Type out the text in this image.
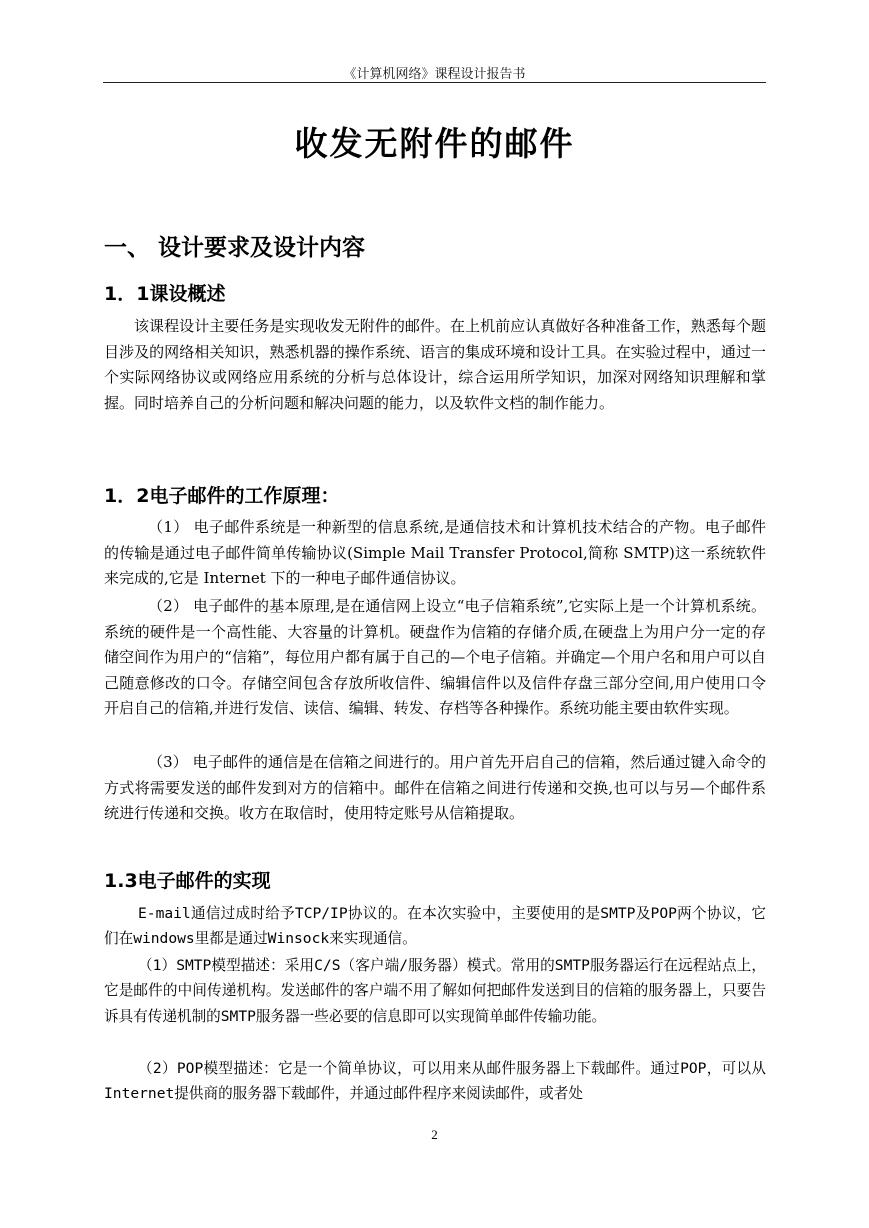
《计算机网络》课程设计报告书
收发无附件的邮件
一、 设计要求及设计内容
1．1课设概述

该课程设计主要任务是实现收发无附件的邮件。在上机前应认真做好各种准备工作，熟悉每个题目涉及的网络相关知识，熟悉机器的操作系统、语言的集成环境和设计工具。在实验过程中，通过一个实际网络协议或网络应用系统的分析与总体设计，综合运用所学知识，加深对网络知识理解和掌握。同时培养自己的分析问题和解决问题的能力，以及软件文档的制作能力。

1．2电子邮件的工作原理：

（1） 电子邮件系统是一种新型的信息系统,是通信技术和计算机技术结合的产物。电子邮件的传输是通过电子邮件简单传输协议(Simple Mail Transfer Protocol,简称 SMTP)这一系统软件来完成的,它是 Internet 下的一种电子邮件通信协议。

（2） 电子邮件的基本原理,是在通信网上设立“电子信箱系统”,它实际上是一个计算机系统。系统的硬件是一个高性能、大容量的计算机。硬盘作为信箱的存储介质,在硬盘上为用户分一定的存储空间作为用户的“信箱”，每位用户都有属于自己的—个电子信箱。并确定—个用户名和用户可以自己随意修改的口令。存储空间包含存放所收信件、编辑信件以及信件存盘三部分空间,用户使用口令开启自己的信箱,并进行发信、读信、编辑、转发、存档等各种操作。系统功能主要由软件实现。

（3） 电子邮件的通信是在信箱之间进行的。用户首先开启自己的信箱，然后通过键入命令的方式将需要发送的邮件发到对方的信箱中。邮件在信箱之间进行传递和交换,也可以与另—个邮件系统进行传递和交换。收方在取信时，使用特定账号从信箱提取。

1.3电子邮件的实现

E-mail通信过成时给予TCP/IP协议的。在本次实验中，主要使用的是SMTP及POP两个协议，它们在windows里都是通过Winsock来实现通信。

（1）SMTP模型描述：采用C/S（客户端/服务器）模式。常用的SMTP服务器运行在远程站点上，它是邮件的中间传递机构。发送邮件的客户端不用了解如何把邮件发送到目的信箱的服务器上，只要告诉具有传递机制的SMTP服务器一些必要的信息即可以实现简单邮件传输功能。

（2）POP模型描述：它是一个简单协议，可以用来从邮件服务器上下载邮件。通过POP，可以从Internet提供商的服务器下载邮件，并通过邮件程序来阅读邮件，或者处

2
